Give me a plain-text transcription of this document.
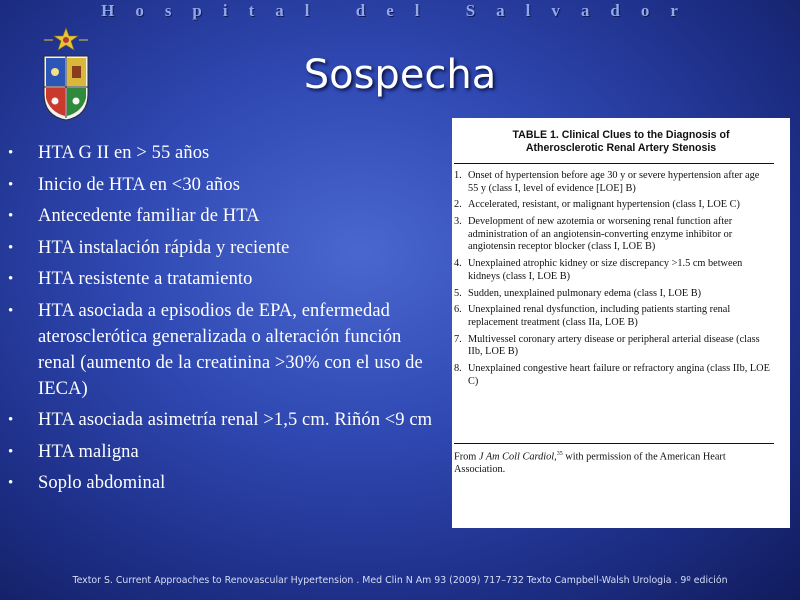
Hospital del Salvador
Sospecha
• HTA G II en > 55 años
• Inicio de HTA en <30 años
• Antecedente familiar de HTA
• HTA instalación rápida y reciente
• HTA resistente a tratamiento
• HTA asociada a episodios de EPA, enfermedad aterosclerótica generalizada o alteración función renal (aumento de la creatinina >30% con el uso de IECA)
• HTA asociada asimetría renal >1,5 cm. Riñón <9 cm
• HTA maligna
• Soplo abdominal
TABLE 1. Clinical Clues to the Diagnosis of
Atherosclerotic Renal Artery Stenosis
1. Onset of hypertension before age 30 y or severe hypertension after age 55 y (class I, level of evidence [LOE] B)
2. Accelerated, resistant, or malignant hypertension (class I, LOE C)
3. Development of new azotemia or worsening renal function after administration of an angiotensin-converting enzyme inhibitor or angiotensin receptor blocker (class I, LOE B)
4. Unexplained atrophic kidney or size discrepancy >1.5 cm between kidneys (class I, LOE B)
5. Sudden, unexplained pulmonary edema (class I, LOE B)
6. Unexplained renal dysfunction, including patients starting renal replacement treatment (class IIa, LOE B)
7. Multivessel coronary artery disease or peripheral arterial disease (class IIb, LOE B)
8. Unexplained congestive heart failure or refractory angina (class IIb, LOE C)
From J Am Coll Cardiol,$^{35}$ with permission of the American Heart Association.
Textor S. Current Approaches to Renovascular Hypertension . Med Clin N Am 93 (2009) 717–732 Texto Campbell-Walsh Urologia . 9º edición
